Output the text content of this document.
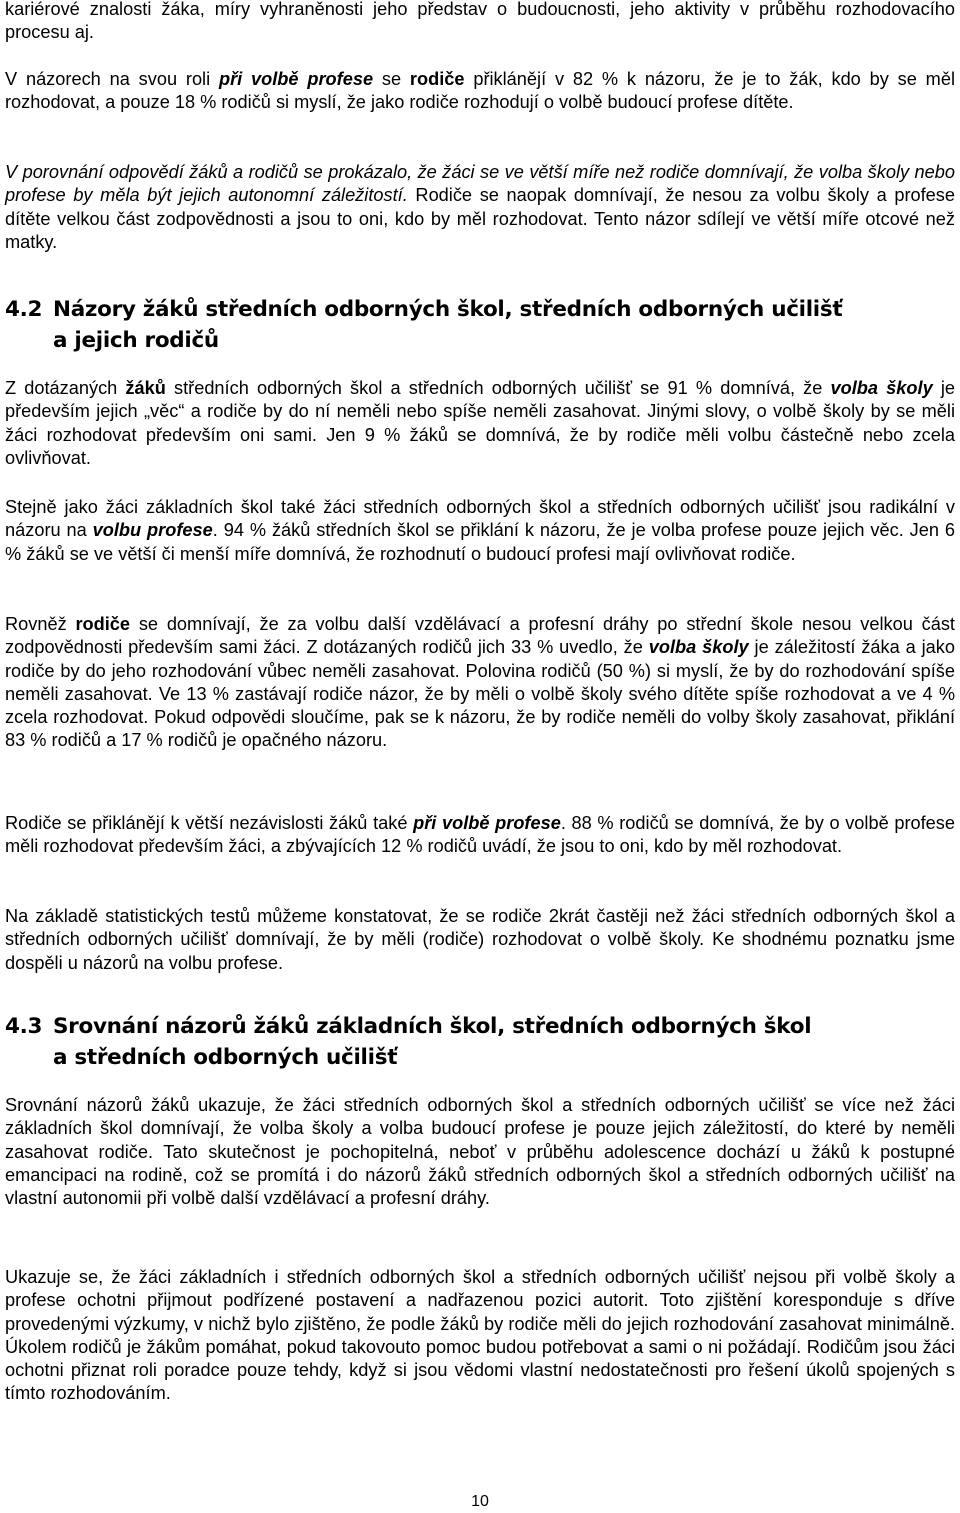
kariérové znalosti žáka, míry vyhraněnosti jeho představ o budoucnosti, jeho aktivity v průběhu rozhodovacího procesu aj.

V názorech na svou roli při volbě profese se rodiče přiklánějí v 82 % k názoru, že je to žák, kdo by se měl rozhodovat, a pouze 18 % rodičů si myslí, že jako rodiče rozhodují o volbě budoucí profese dítěte.

V porovnání odpovědí žáků a rodičů se prokázalo, že žáci se ve větší míře než rodiče domnívají, že volba školy nebo profese by měla být jejich autonomní záležitostí. Rodiče se naopak domnívají, že nesou za volbu školy a profese dítěte velkou část zodpovědnosti a jsou to oni, kdo by měl rozhodovat. Tento názor sdílejí ve větší míře otcové než matky.

4.2 Názory žáků středních odborných škol, středních odborných učilišť
a jejich rodičů

Z dotázaných žáků středních odborných škol a středních odborných učilišť se 91 % domnívá, že volba školy je především jejich „věc“ a rodiče by do ní neměli nebo spíše neměli zasahovat. Jinými slovy, o volbě školy by se měli žáci rozhodovat především oni sami. Jen 9 % žáků se domnívá, že by rodiče měli volbu částečně nebo zcela ovlivňovat.

Stejně jako žáci základních škol také žáci středních odborných škol a středních odborných učilišť jsou radikální v názoru na volbu profese. 94 % žáků středních škol se přiklání k názoru, že je volba profese pouze jejich věc. Jen 6 % žáků se ve větší či menší míře domnívá, že rozhodnutí o budoucí profesi mají ovlivňovat rodiče.

Rovněž rodiče se domnívají, že za volbu další vzdělávací a profesní dráhy po střední škole nesou velkou část zodpovědnosti především sami žáci. Z dotázaných rodičů jich 33 % uvedlo, že volba školy je záležitostí žáka a jako rodiče by do jeho rozhodování vůbec neměli zasahovat. Polovina rodičů (50 %) si myslí, že by do rozhodování spíše neměli zasahovat. Ve 13 % zastávají rodiče názor, že by měli o volbě školy svého dítěte spíše rozhodovat a ve 4 % zcela rozhodovat. Pokud odpovědi sloučíme, pak se k názoru, že by rodiče neměli do volby školy zasahovat, přiklání 83 % rodičů a 17 % rodičů je opačného názoru.

Rodiče se přiklánějí k větší nezávislosti žáků také při volbě profese. 88 % rodičů se domnívá, že by o volbě profese měli rozhodovat především žáci, a zbývajících 12 % rodičů uvádí, že jsou to oni, kdo by měl rozhodovat.

Na základě statistických testů můžeme konstatovat, že se rodiče 2krát častěji než žáci středních odborných škol a středních odborných učilišť domnívají, že by měli (rodiče) rozhodovat o volbě školy. Ke shodnému poznatku jsme dospěli u názorů na volbu profese.

4.3 Srovnání názorů žáků základních škol, středních odborných škol
a středních odborných učilišť

Srovnání názorů žáků ukazuje, že žáci středních odborných škol a středních odborných učilišť se více než žáci základních škol domnívají, že volba školy a volba budoucí profese je pouze jejich záležitostí, do které by neměli zasahovat rodiče. Tato skutečnost je pochopitelná, neboť v průběhu adolescence dochází u žáků k postupné emancipaci na rodině, což se promítá i do názorů žáků středních odborných škol a středních odborných učilišť na vlastní autonomii při volbě další vzdělávací a profesní dráhy.

Ukazuje se, že žáci základních i středních odborných škol a středních odborných učilišť nejsou při volbě školy a profese ochotni přijmout podřízené postavení a nadřazenou pozici autorit. Toto zjištění koresponduje s dříve provedenými výzkumy, v nichž bylo zjištěno, že podle žáků by rodiče měli do jejich rozhodování zasahovat minimálně. Úkolem rodičů je žákům pomáhat, pokud takovouto pomoc budou potřebovat a sami o ni požádají. Rodičům jsou žáci ochotni přiznat roli poradce pouze tehdy, když si jsou vědomi vlastní nedostatečnosti pro řešení úkolů spojených s tímto rozhodováním.

10
